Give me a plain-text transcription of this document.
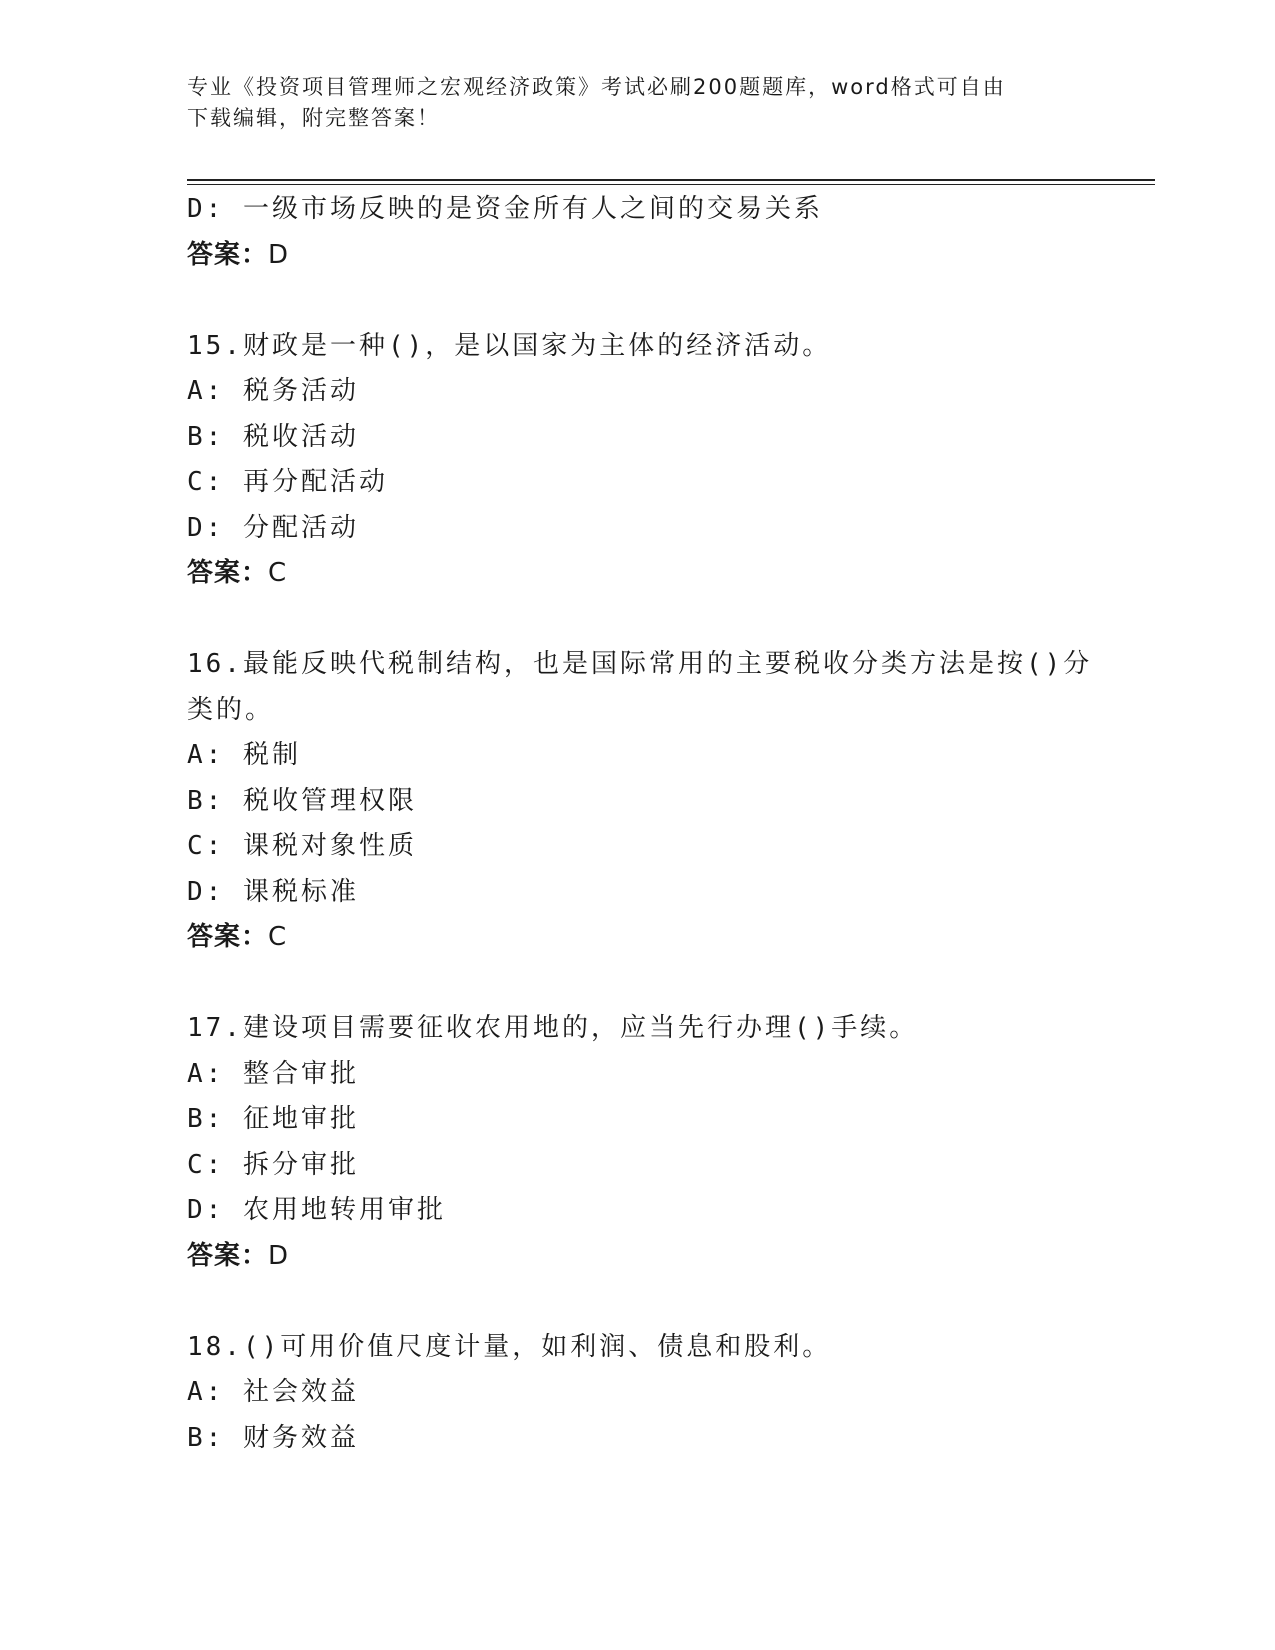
专业《投资项目管理师之宏观经济政策》考试必刷200题题库，word格式可自由
下载编辑，附完整答案！
D: 一级市场反映的是资金所有人之间的交易关系
答案：D
15.财政是一种()，是以国家为主体的经济活动。
A: 税务活动
B: 税收活动
C: 再分配活动
D: 分配活动
答案：C
16.最能反映代税制结构，也是国际常用的主要税收分类方法是按()分
类的。
A: 税制
B: 税收管理权限
C: 课税对象性质
D: 课税标准
答案：C
17.建设项目需要征收农用地的，应当先行办理()手续。
A: 整合审批
B: 征地审批
C: 拆分审批
D: 农用地转用审批
答案：D
18.()可用价值尺度计量，如利润、债息和股利。
A: 社会效益
B: 财务效益
